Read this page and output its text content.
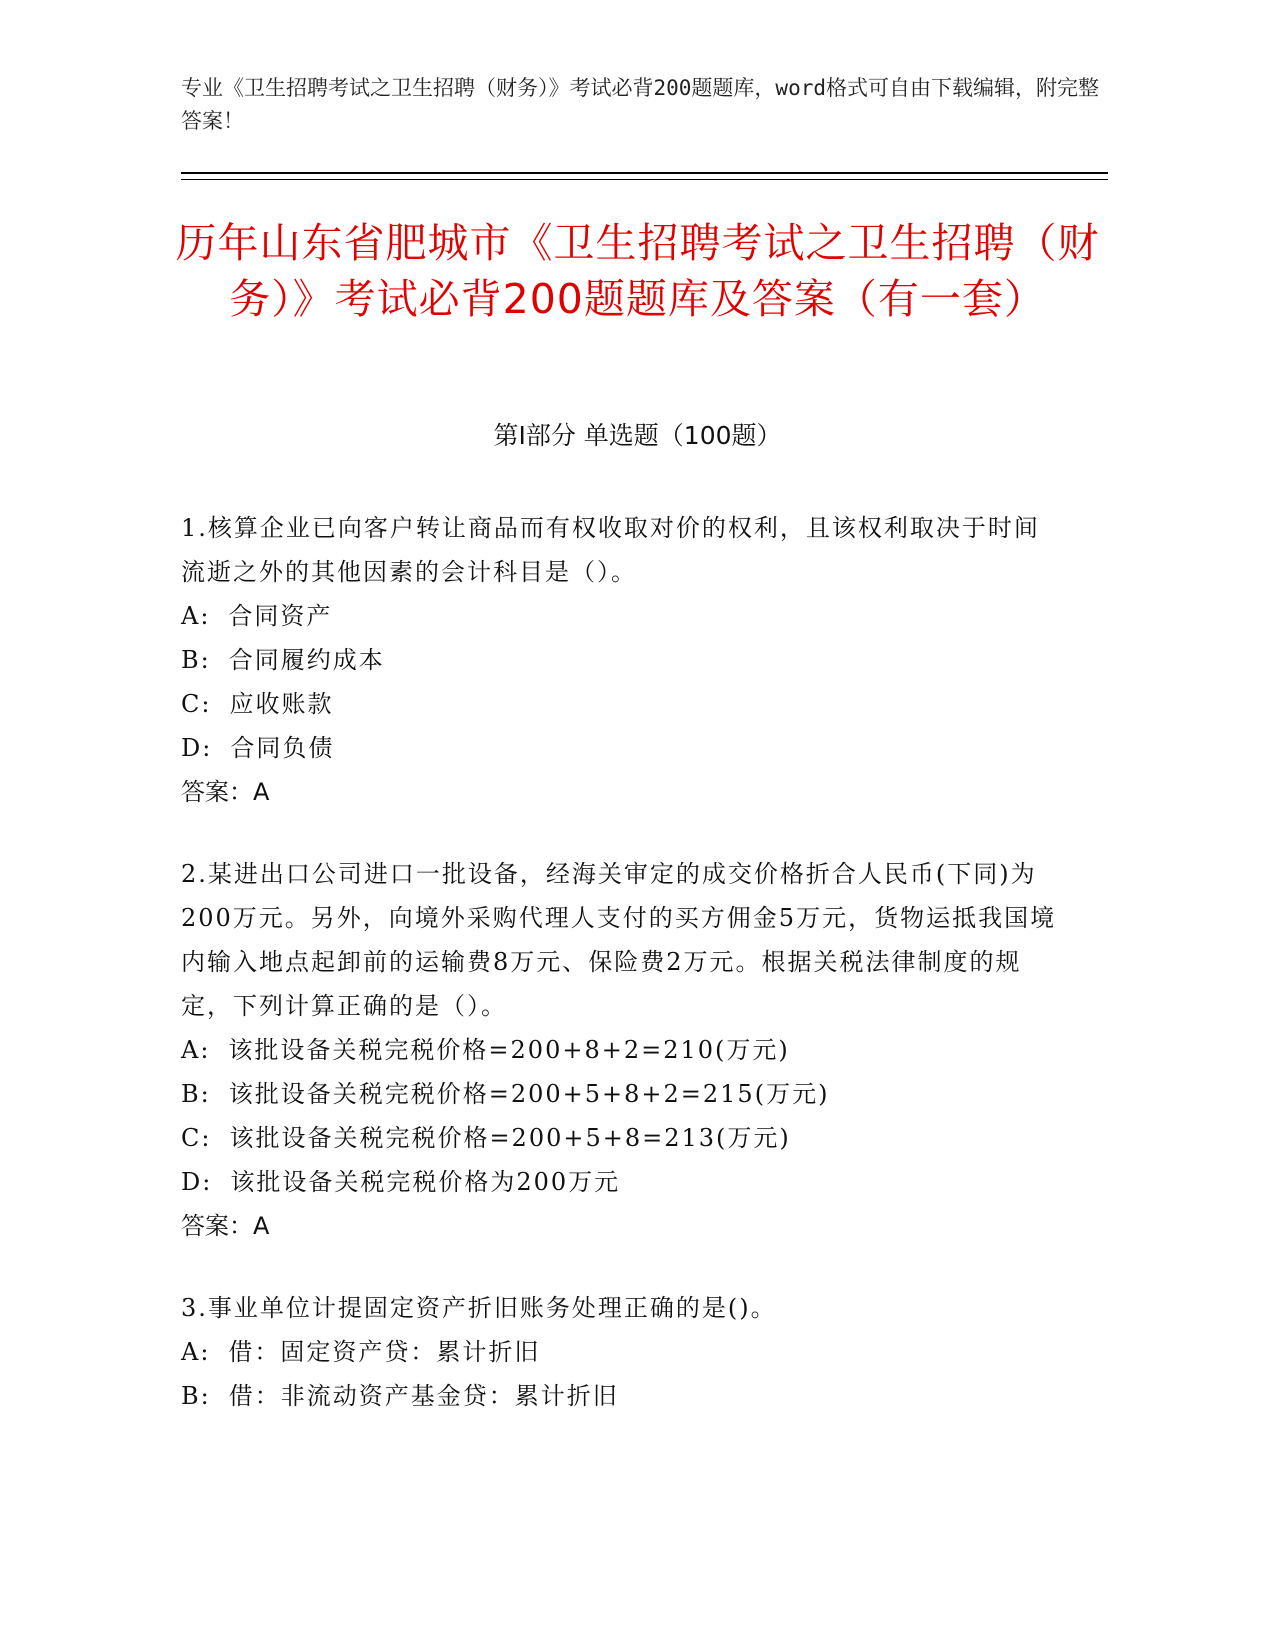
专业《卫生招聘考试之卫生招聘（财务）》考试必背200题题库，word格式可自由下载编辑，附完整答案！
历年山东省肥城市《卫生招聘考试之卫生招聘（财务）》考试必背200题题库及答案（有一套）
第I部分 单选题（100题）
1.核算企业已向客户转让商品而有权收取对价的权利，且该权利取决于时间流逝之外的其他因素的会计科目是（）。
A: 合同资产
B: 合同履约成本
C: 应收账款
D: 合同负债
答案：A
2.某进出口公司进口一批设备，经海关审定的成交价格折合人民币(下同)为200万元。另外，向境外采购代理人支付的买方佣金5万元，货物运抵我国境内输入地点起卸前的运输费8万元、保险费2万元。根据关税法律制度的规定，下列计算正确的是（）。
A: 该批设备关税完税价格=200+8+2=210(万元)
B: 该批设备关税完税价格=200+5+8+2=215(万元)
C: 该批设备关税完税价格=200+5+8=213(万元)
D: 该批设备关税完税价格为200万元
答案：A
3.事业单位计提固定资产折旧账务处理正确的是()。
A: 借：固定资产贷：累计折旧
B: 借：非流动资产基金贷：累计折旧
